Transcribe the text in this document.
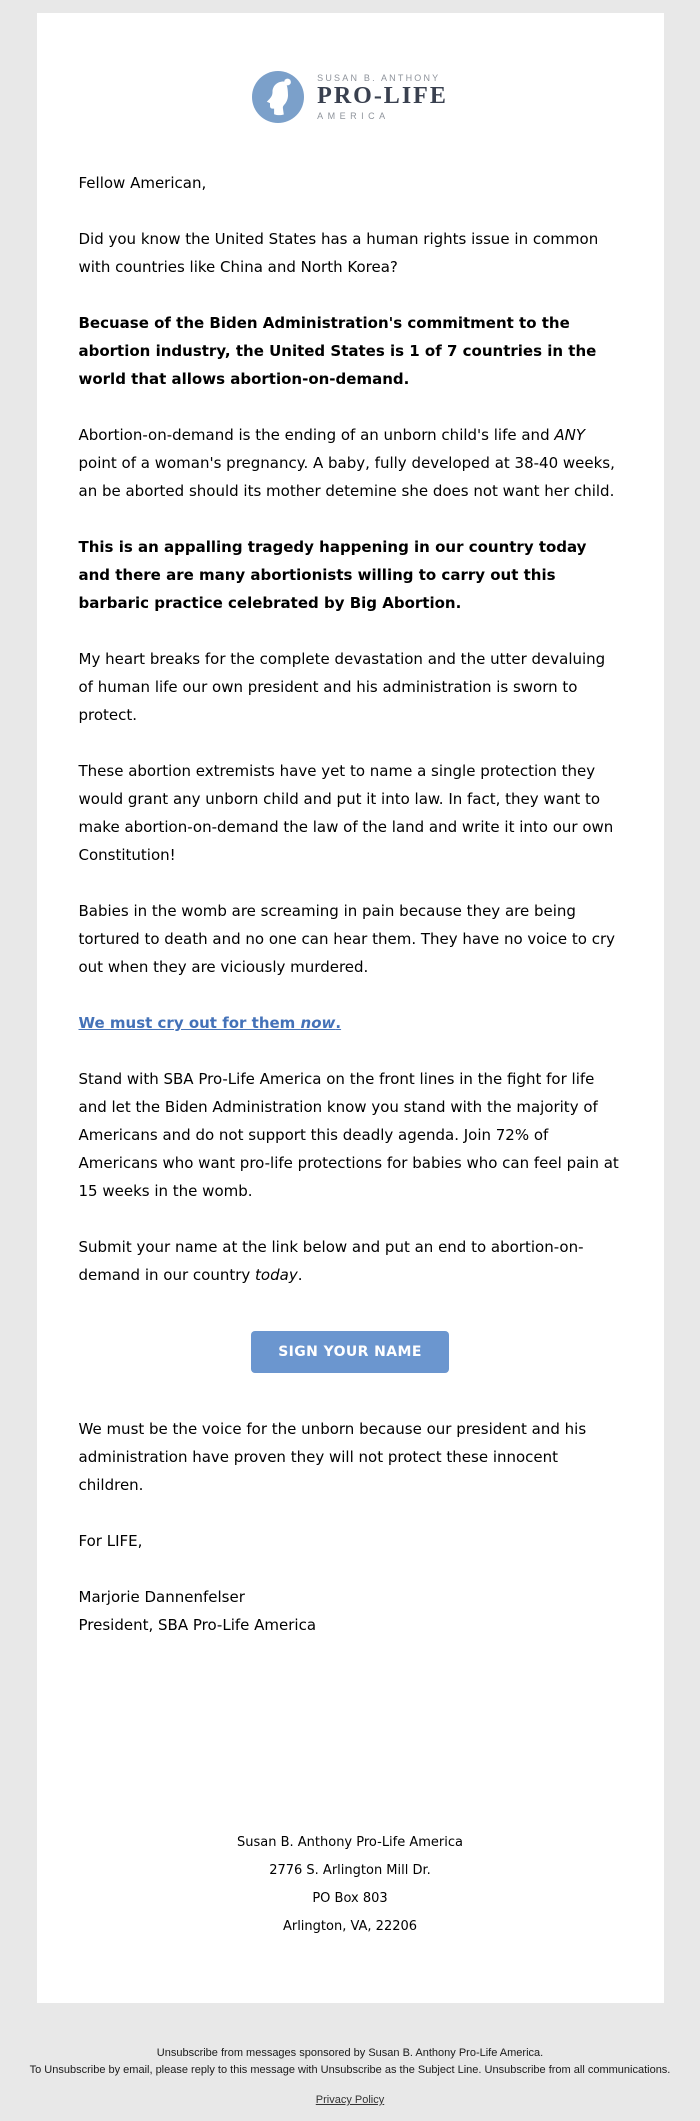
SUSAN B. ANTHONY
PRO-LIFE
AMERICA

Fellow American,

Did you know the United States has a human rights issue in common with countries like China and North Korea?

Becuase of the Biden Administration's commitment to the abortion industry, the United States is 1 of 7 countries in the world that allows abortion-on-demand.

Abortion-on-demand is the ending of an unborn child's life and ANY point of a woman's pregnancy. A baby, fully developed at 38-40 weeks, an be aborted should its mother detemine she does not want her child.

This is an appalling tragedy happening in our country today and there are many abortionists willing to carry out this barbaric practice celebrated by Big Abortion.

My heart breaks for the complete devastation and the utter devaluing of human life our own president and his administration is sworn to protect.

These abortion extremists have yet to name a single protection they would grant any unborn child and put it into law. In fact, they want to make abortion-on-demand the law of the land and write it into our own Constitution!

Babies in the womb are screaming in pain because they are being tortured to death and no one can hear them. They have no voice to cry out when they are viciously murdered.

We must cry out for them now.

Stand with SBA Pro-Life America on the front lines in the fight for life and let the Biden Administration know you stand with the majority of Americans and do not support this deadly agenda. Join 72% of Americans who want pro-life protections for babies who can feel pain at 15 weeks in the womb.

Submit your name at the link below and put an end to abortion-on-demand in our country today.

SIGN YOUR NAME

We must be the voice for the unborn because our president and his administration have proven they will not protect these innocent children.

For LIFE,

Marjorie Dannenfelser
President, SBA Pro-Life America

Susan B. Anthony Pro-Life America
2776 S. Arlington Mill Dr.
PO Box 803
Arlington, VA, 22206
Unsubscribe from messages sponsored by Susan B. Anthony Pro-Life America.
To Unsubscribe by email, please reply to this message with Unsubscribe as the Subject Line. Unsubscribe from all communications.
Privacy Policy
